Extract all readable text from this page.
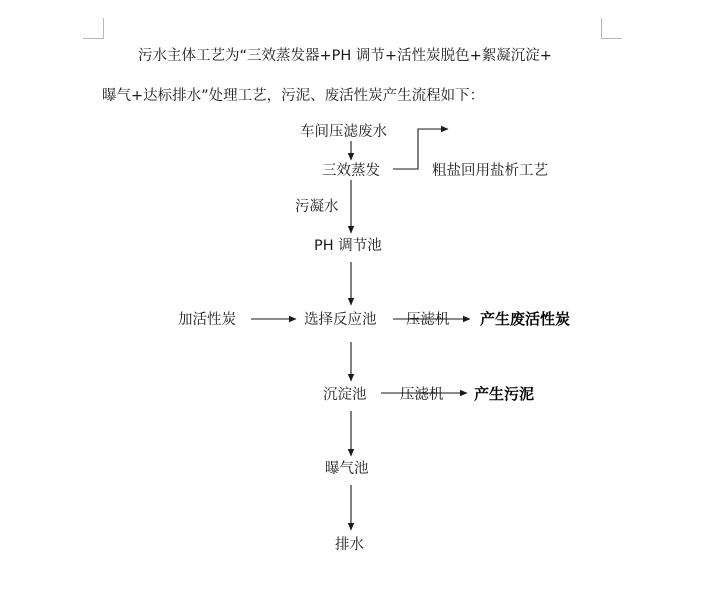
污水主体工艺为“三效蒸发器+PH 调节+活性炭脱色+絮凝沉淀+
曝气+达标排水”处理工艺，污泥、废活性炭产生流程如下：
车间压滤废水
三效蒸发	粗盐回用盐析工艺
污凝水
PH 调节池
加活性炭	选择反应池 压滤机 产生废活性炭
沉淀池 压滤机 产生污泥
曝气池
排水
